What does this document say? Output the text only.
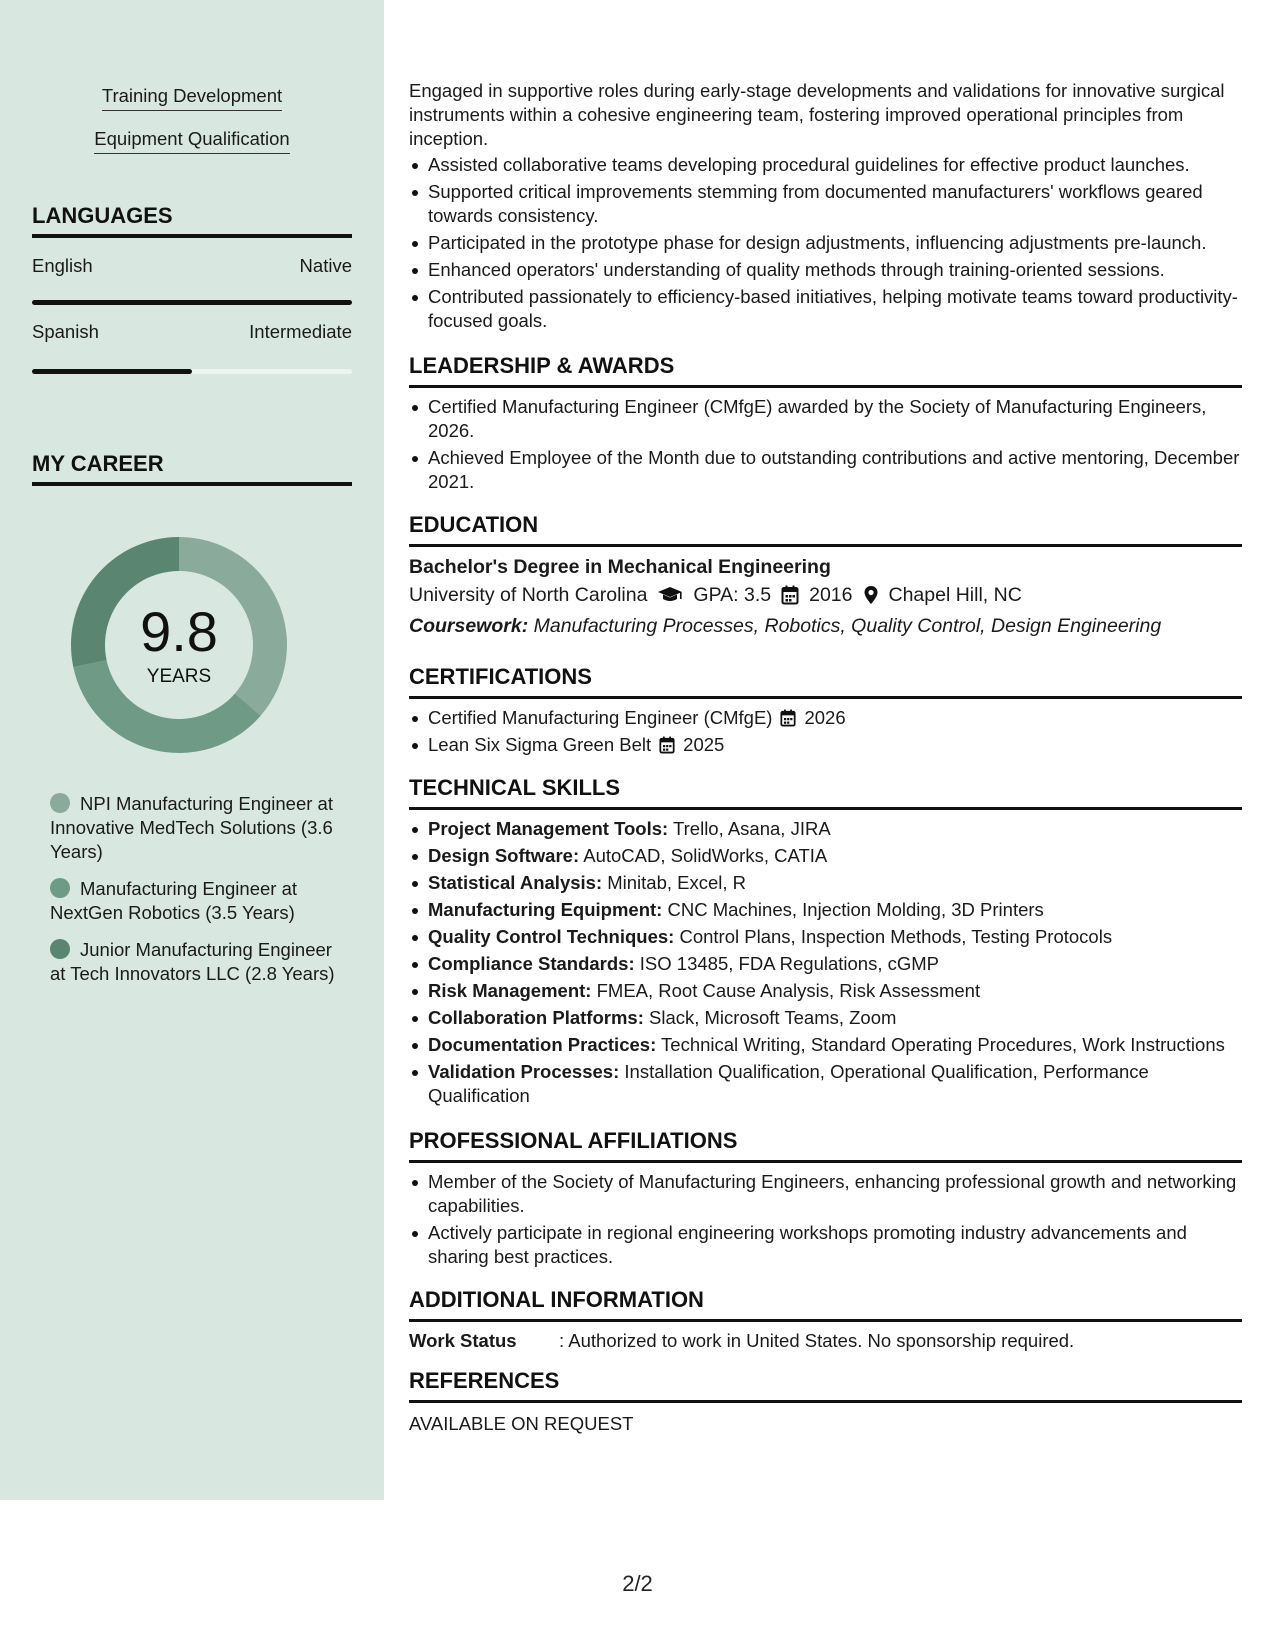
Training Development
Equipment Qualification
LANGUAGES
English	Native
Spanish	Intermediate
MY CAREER
9.8
YEARS
NPI Manufacturing Engineer at Innovative MedTech Solutions (3.6 Years)
Manufacturing Engineer at NextGen Robotics (3.5 Years)
Junior Manufacturing Engineer at Tech Innovators LLC (2.8 Years)

Engaged in supportive roles during early-stage developments and validations for innovative surgical instruments within a cohesive engineering team, fostering improved operational principles from inception.

Assisted collaborative teams developing procedural guidelines for effective product launches.
Supported critical improvements stemming from documented manufacturers' workflows geared towards consistency.
Participated in the prototype phase for design adjustments, influencing adjustments pre-launch.
Enhanced operators' understanding of quality methods through training-oriented sessions.
Contributed passionately to efficiency-based initiatives, helping motivate teams toward productivity-focused goals.
LEADERSHIP & AWARDS
Certified Manufacturing Engineer (CMfgE) awarded by the Society of Manufacturing Engineers, 2026.
Achieved Employee of the Month due to outstanding contributions and active mentoring, December 2021.
EDUCATION
Bachelor's Degree in Mechanical Engineering
University of North Carolina GPA: 3.5 2016 Chapel Hill, NC
Coursework: Manufacturing Processes, Robotics, Quality Control, Design Engineering
CERTIFICATIONS
Certified Manufacturing Engineer (CMfgE) 2026
Lean Six Sigma Green Belt 2025
TECHNICAL SKILLS
Project Management Tools: Trello, Asana, JIRA
Design Software: AutoCAD, SolidWorks, CATIA
Statistical Analysis: Minitab, Excel, R
Manufacturing Equipment: CNC Machines, Injection Molding, 3D Printers
Quality Control Techniques: Control Plans, Inspection Methods, Testing Protocols
Compliance Standards: ISO 13485, FDA Regulations, cGMP
Risk Management: FMEA, Root Cause Analysis, Risk Assessment
Collaboration Platforms: Slack, Microsoft Teams, Zoom
Documentation Practices: Technical Writing, Standard Operating Procedures, Work Instructions
Validation Processes: Installation Qualification, Operational Qualification, Performance Qualification
PROFESSIONAL AFFILIATIONS
Member of the Society of Manufacturing Engineers, enhancing professional growth and networking capabilities.
Actively participate in regional engineering workshops promoting industry advancements and sharing best practices.
ADDITIONAL INFORMATION
Work Status	: Authorized to work in United States. No sponsorship required.
REFERENCES
AVAILABLE ON REQUEST
2/2
